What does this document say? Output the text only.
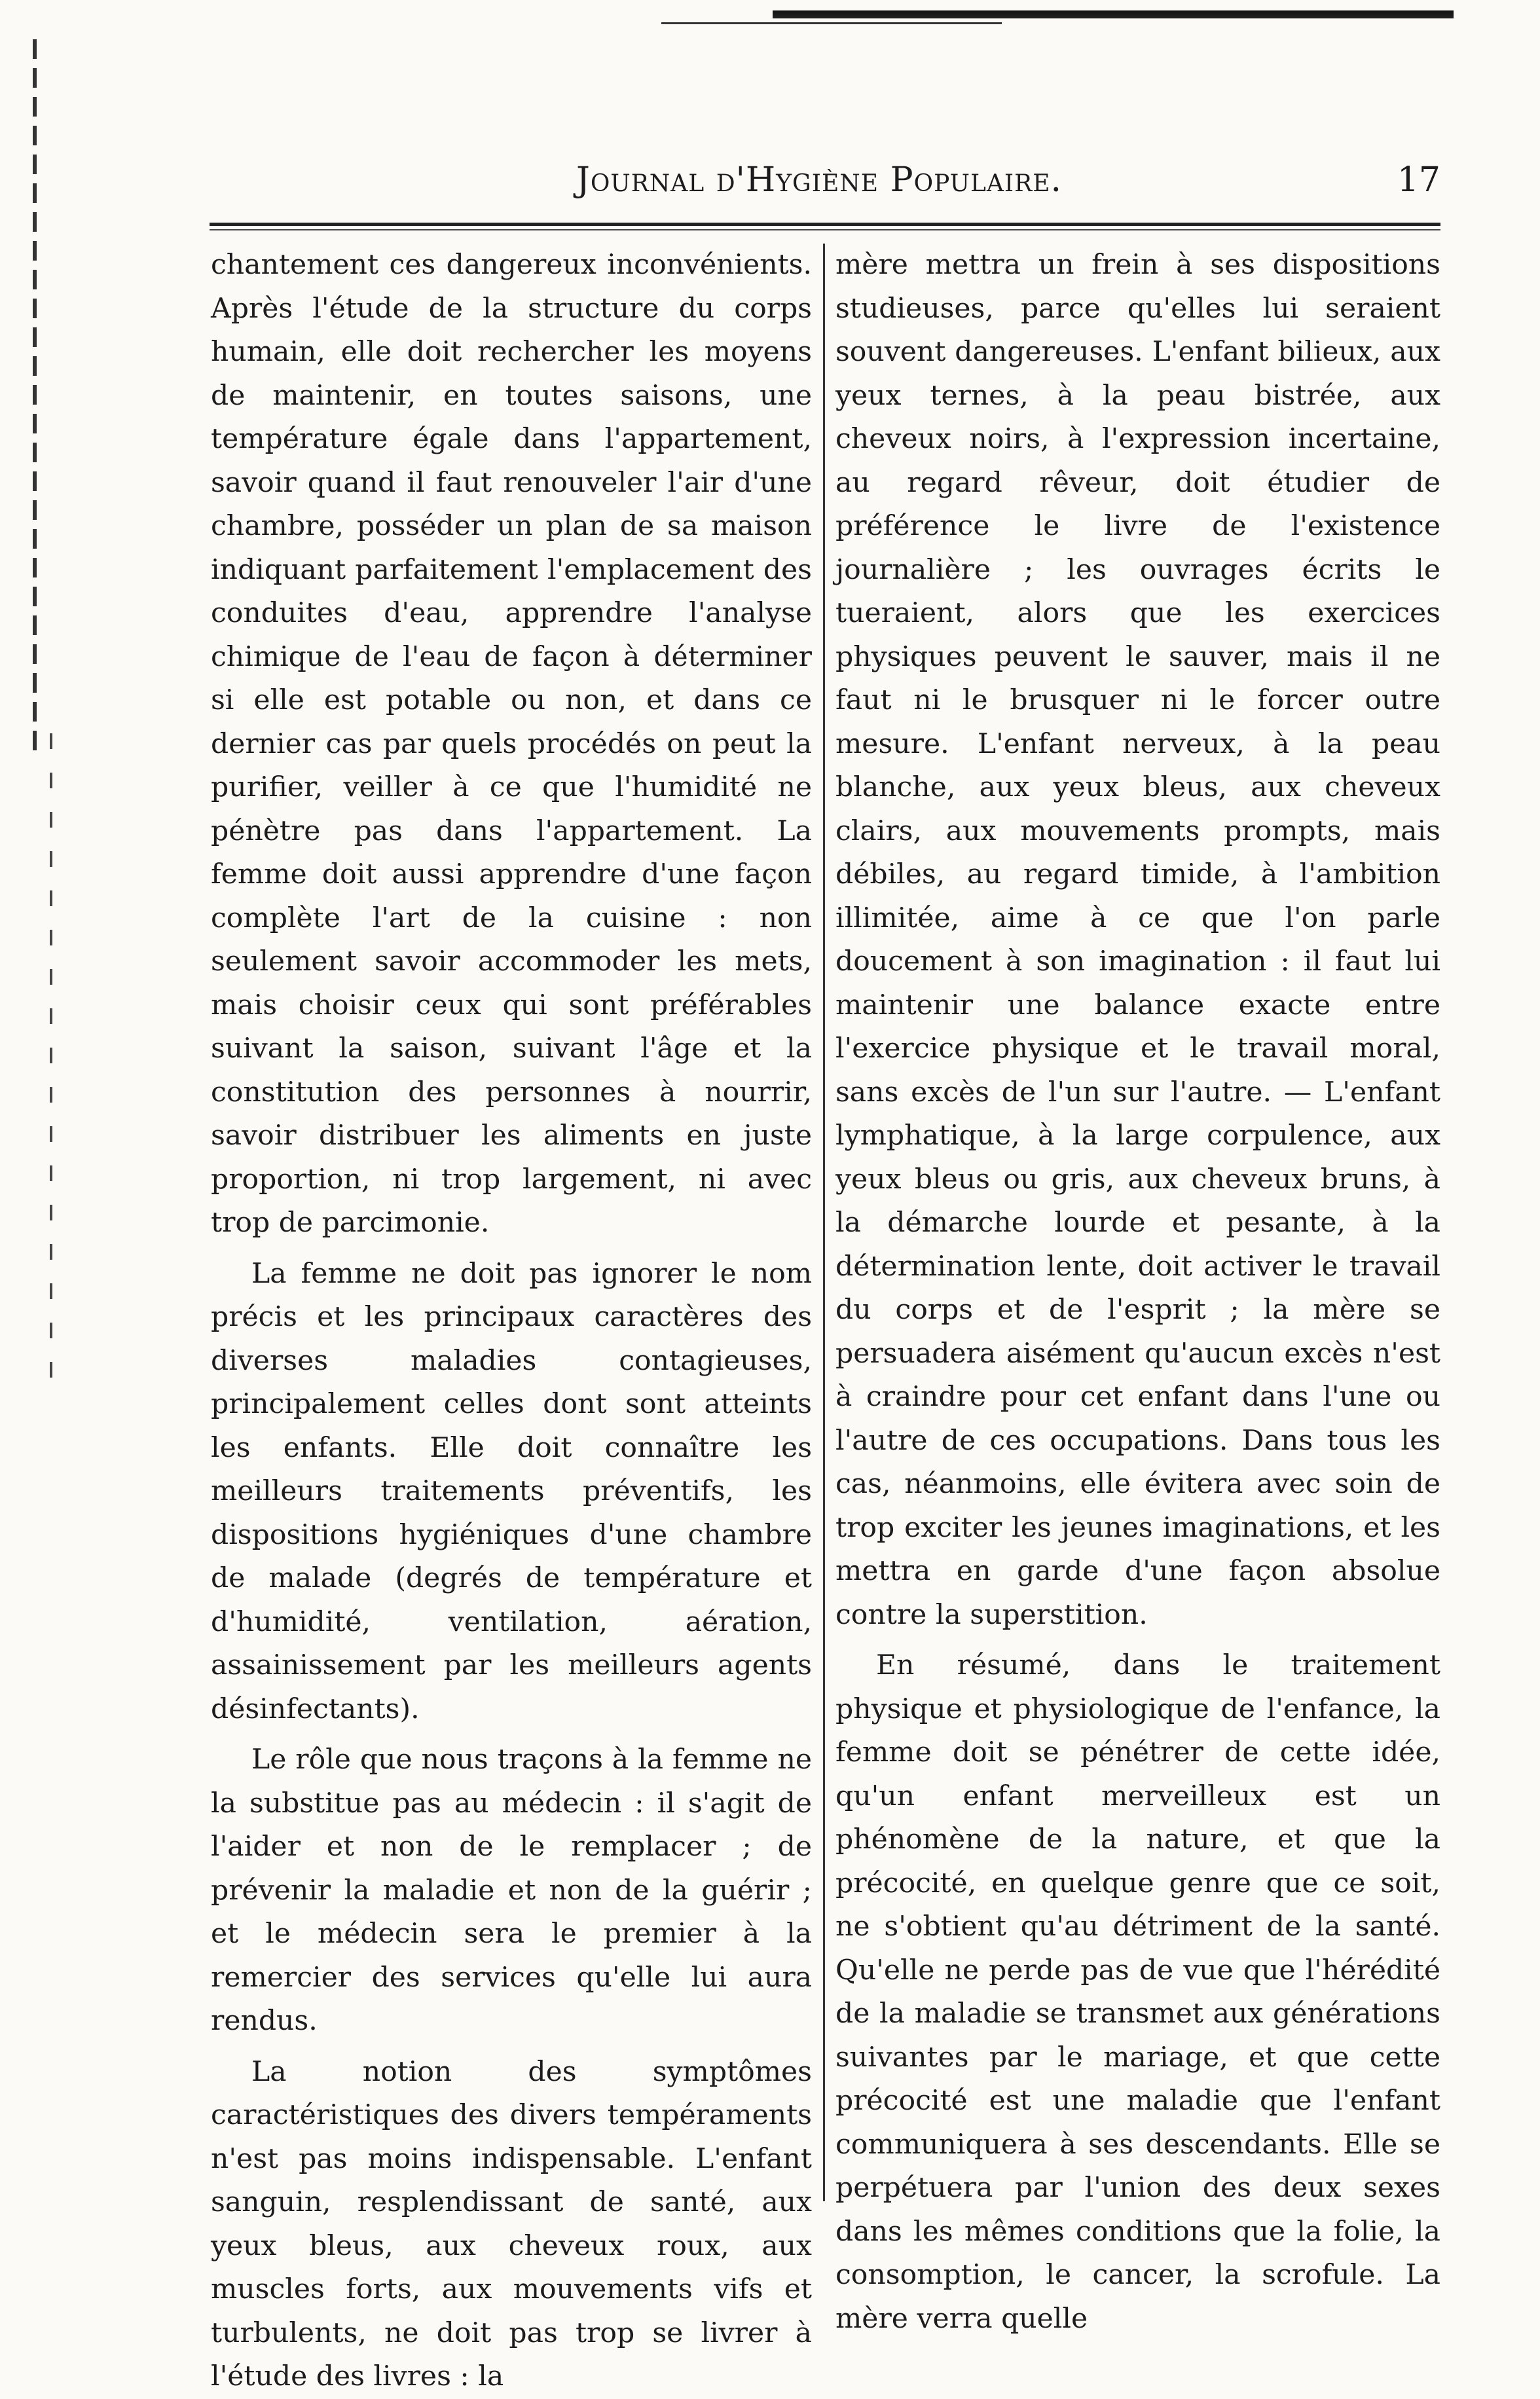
Journal d'Hygiène Populaire.	17

chantement ces dangereux inconvénients. Après l'étude de la structure du corps humain, elle doit rechercher les moyens de maintenir, en toutes saisons, une température égale dans l'appartement, savoir quand il faut renouveler l'air d'une chambre, posséder un plan de sa maison indiquant parfaitement l'emplacement des conduites d'eau, apprendre l'analyse chimique de l'eau de façon à déterminer si elle est potable ou non, et dans ce dernier cas par quels procédés on peut la purifier, veiller à ce que l'humidité ne pénètre pas dans l'appartement. La femme doit aussi apprendre d'une façon complète l'art de la cuisine : non seulement savoir accommoder les mets, mais choisir ceux qui sont préférables suivant la saison, suivant l'âge et la constitution des personnes à nourrir, savoir distribuer les aliments en juste proportion, ni trop largement, ni avec trop de parcimonie.

La femme ne doit pas ignorer le nom précis et les principaux caractères des diverses maladies contagieuses, principalement celles dont sont atteints les enfants. Elle doit connaître les meilleurs traitements préventifs, les dispositions hygiéniques d'une chambre de malade (degrés de température et d'humidité, ventilation, aération, assainissement par les meilleurs agents désinfectants).

Le rôle que nous traçons à la femme ne la substitue pas au médecin : il s'agit de l'aider et non de le remplacer ; de prévenir la maladie et non de la guérir ; et le médecin sera le premier à la remercier des services qu'elle lui aura rendus.

La notion des symptômes caractéristiques des divers tempéraments n'est pas moins indispensable. L'enfant sanguin, resplendissant de santé, aux yeux bleus, aux cheveux roux, aux muscles forts, aux mouvements vifs et turbulents, ne doit pas trop se livrer à l'étude des livres : la

mère mettra un frein à ses dispositions studieuses, parce qu'elles lui seraient souvent dangereuses. L'enfant bilieux, aux yeux ternes, à la peau bistrée, aux cheveux noirs, à l'expression incertaine, au regard rêveur, doit étudier de préférence le livre de l'existence journalière ; les ouvrages écrits le tueraient, alors que les exercices physiques peuvent le sauver, mais il ne faut ni le brusquer ni le forcer outre mesure. L'enfant nerveux, à la peau blanche, aux yeux bleus, aux cheveux clairs, aux mouvements prompts, mais débiles, au regard timide, à l'ambition illimitée, aime à ce que l'on parle doucement à son imagination : il faut lui maintenir une balance exacte entre l'exercice physique et le travail moral, sans excès de l'un sur l'autre. — L'enfant lymphatique, à la large corpulence, aux yeux bleus ou gris, aux cheveux bruns, à la démarche lourde et pesante, à la détermination lente, doit activer le travail du corps et de l'esprit ; la mère se persuadera aisément qu'aucun excès n'est à craindre pour cet enfant dans l'une ou l'autre de ces occupations. Dans tous les cas, néanmoins, elle évitera avec soin de trop exciter les jeunes imaginations, et les mettra en garde d'une façon absolue contre la superstition.

En résumé, dans le traitement physique et physiologique de l'enfance, la femme doit se pénétrer de cette idée, qu'un enfant merveilleux est un phénomène de la nature, et que la précocité, en quelque genre que ce soit, ne s'obtient qu'au détriment de la santé. Qu'elle ne perde pas de vue que l'hérédité de la maladie se transmet aux générations suivantes par le mariage, et que cette précocité est une maladie que l'enfant communiquera à ses descendants. Elle se perpétuera par l'union des deux sexes dans les mêmes conditions que la folie, la consomption, le cancer, la scrofule. La mère verra quelle
